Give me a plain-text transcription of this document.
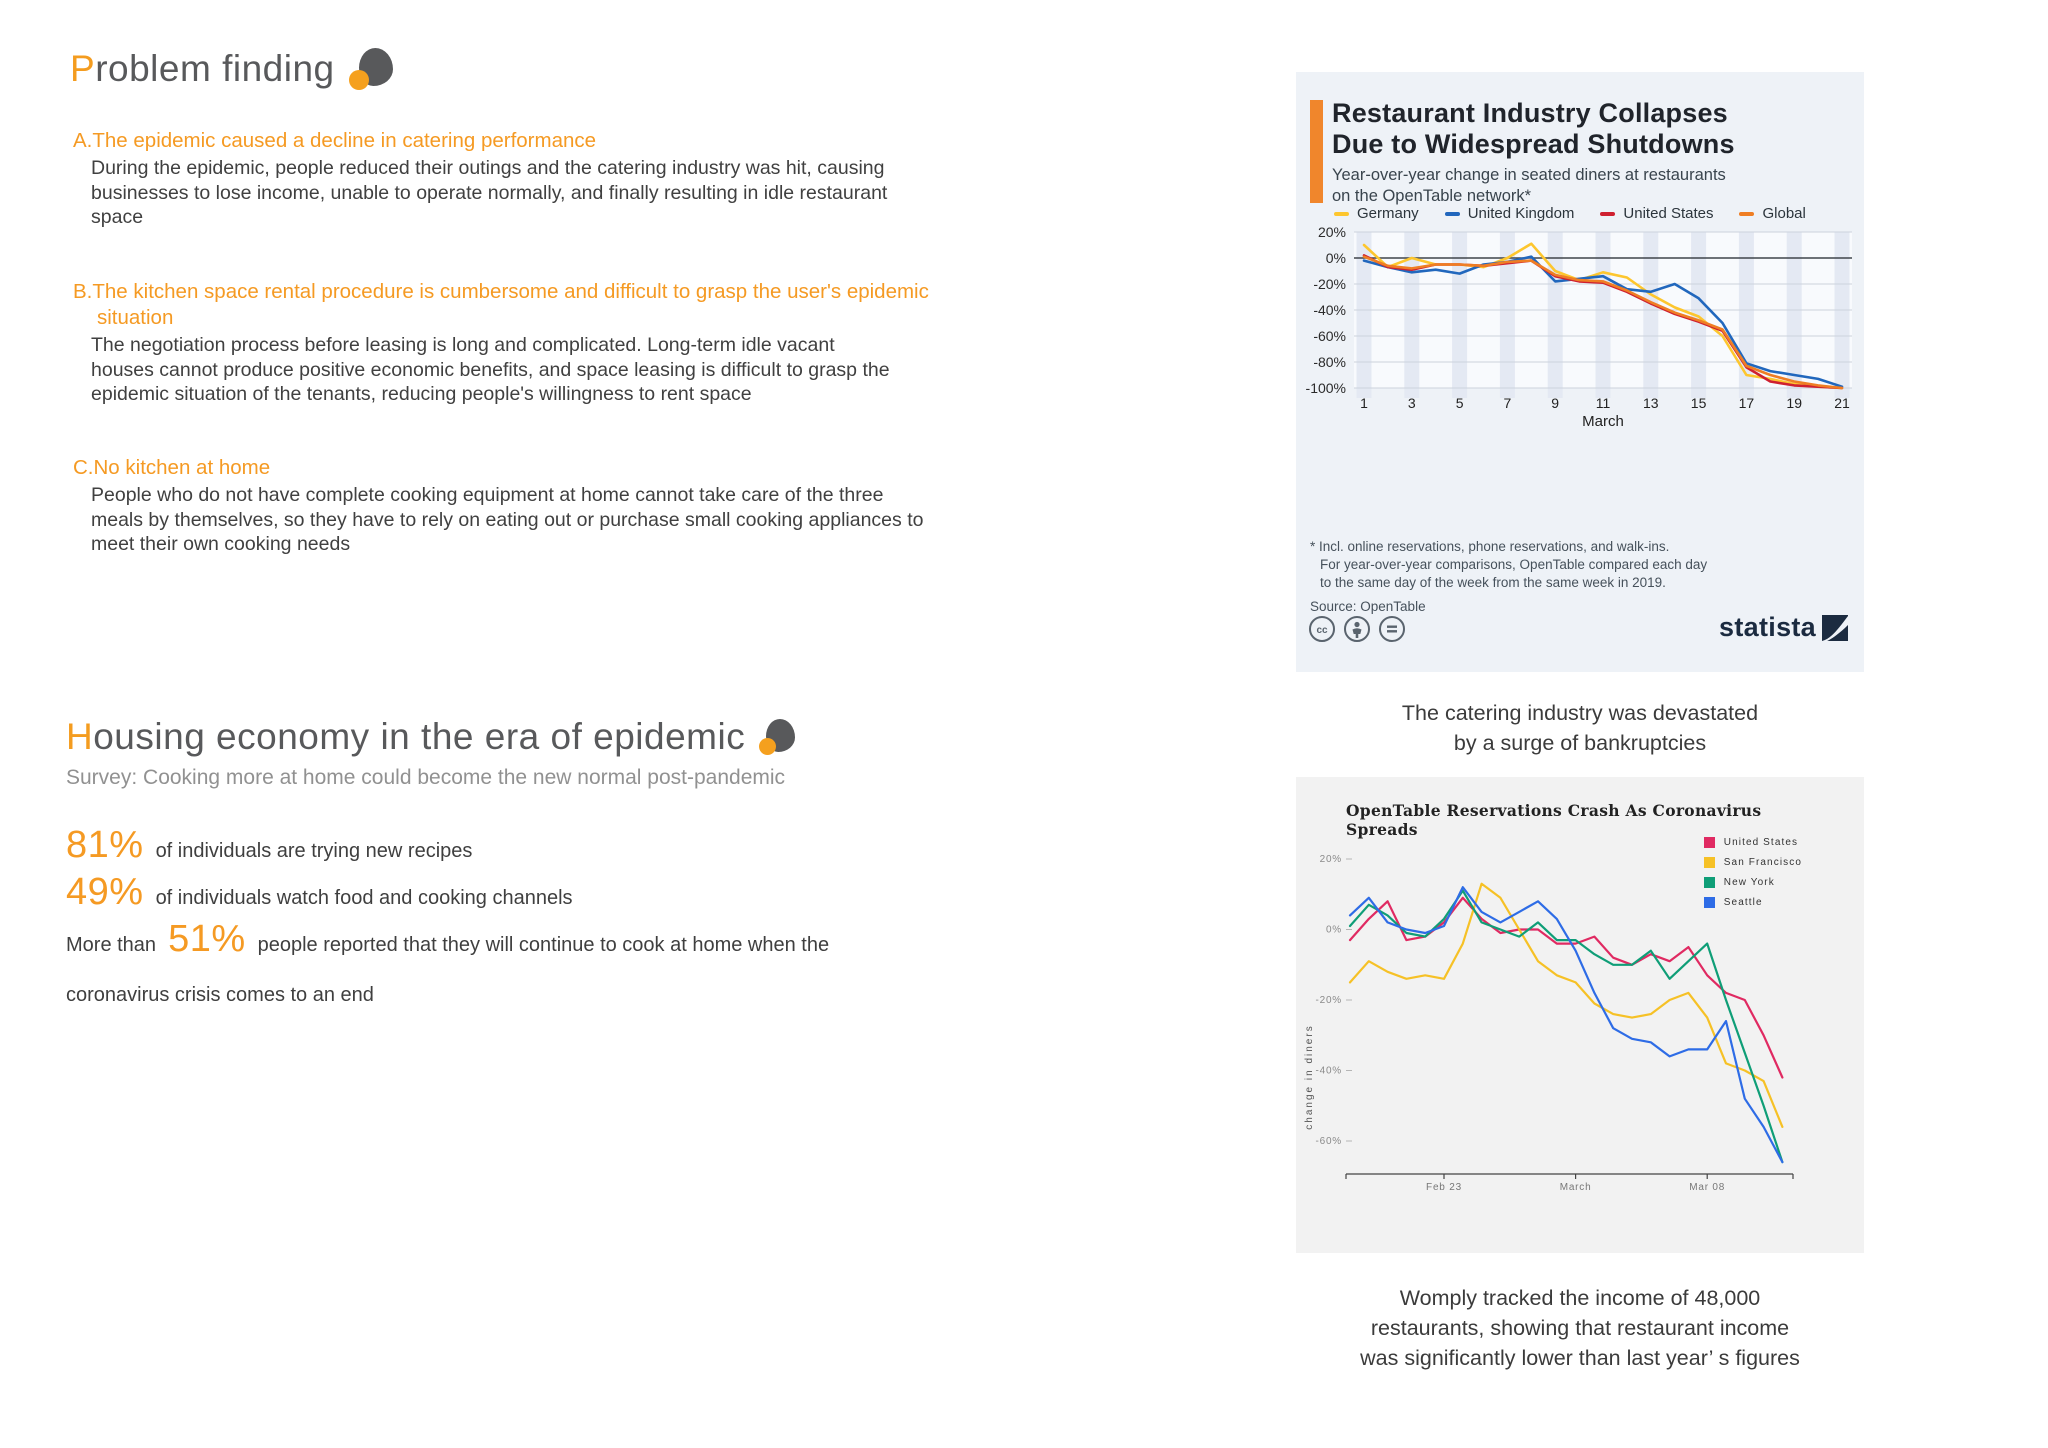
Problem finding
A.The epidemic caused a decline in catering performance
During the epidemic, people reduced their outings and the catering industry was hit, causing businesses to lose income, unable to operate normally, and finally resulting in idle restaurant space
B.The kitchen space rental procedure is cumbersome and difficult to grasp the user's epidemic situation
The negotiation process before leasing is long and complicated. Long-term idle vacant houses cannot produce positive economic benefits, and space leasing is difficult to grasp the epidemic situation of the tenants, reducing people's willingness to rent space
C.No kitchen at home
People who do not have complete cooking equipment at home cannot take care of the three meals by themselves, so they have to rely on eating out or purchase small cooking appliances to meet their own cooking needs
Housing economy in the era of epidemic
Survey: Cooking more at home could become the new normal post-pandemic
81% of individuals are trying new recipes
49% of individuals watch food and cooking channels
More than 51% people reported that they will continue to cook at home when the
coronavirus crisis comes to an end
Restaurant Industry Collapses
Due to Widespread Shutdowns
Year-over-year change in seated diners at restaurants
on the OpenTable network*
Germany	United Kingdom	United States	Global
20%
0%
-20%
-40%
-60%
-80%
-100%
1	3	5	7	9	11 13 15 17 19 21
March
* Incl. online reservations, phone reservations, and walk-ins.
For year-over-year comparisons, OpenTable compared each day
to the same day of the week from the same week in 2019.
Source: OpenTable
cc	statista
The catering industry was devastated
by a surge of bankruptcies
OpenTable Reservations Crash As Coronavirus Spreads
United States
San Francisco
New York
Seattle
20%
0%
-20%
-40%
-60%
change in diners
Feb 23	March	Mar 08
Womply tracked the income of 48,000
restaurants, showing that restaurant income
was significantly lower than last year’ s figures
